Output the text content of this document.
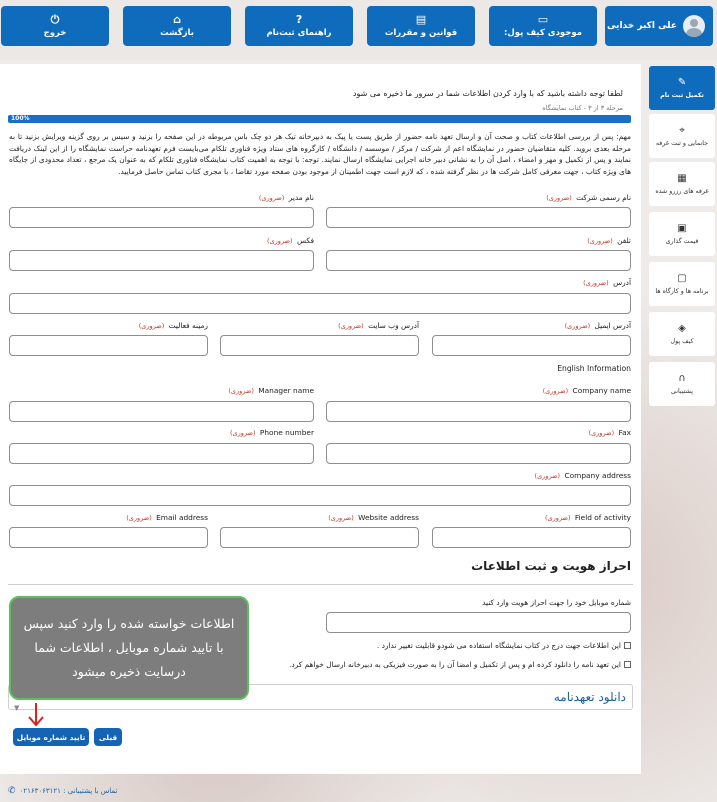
علی اکبر خدایی
▭
موجودی کیف پول:
▤
قوانین و مقررات
?
راهنمای ثبت‌نام
⌂
بازگشت
⏻
خروج
لطفا توجه داشته باشید که با وارد کردن اطلاعات شما در سرور ما ذخیره می شود
مرحله ۳ از ۳ - کتاب نمایشگاه
100%
مهم: پس از بررسی اطلاعات کتاب و صحت آن و ارسال تعهد نامه حضور از طریق پست یا پیک به دبیرخانه تیک هر دو چک باس مربوطه در این صفحه را بزنید و سیس بر روی گزینه ویرایش بزنید تا به مرحله بعدی بروید. کلیه متقاضیان حضور در نمایشگاه اعم از شرکت / مرکز / موسسه / دانشگاه / کارگروه های ستاد ویژه فناوری تلکام می‌بایست فرم تعهدنامه حراست نمایشگاه را از این لینک دریافت نمایند و پس از تکمیل و مهر و امضاء ، اصل آن را به نشانی دبیر خانه اجرایی نمایشگاه ارسال نمایند. توجه: با توجه به اهمیت کتاب نمایشگاه فناوری تلکام که به عنوان یک مرجع ، تعداد محدودی از جایگاه های ویژه کتاب ، جهت معرفی کامل شرکت ها در نظر گرفته شده ، که لازم است جهت اطمینان از موجود بودن صفحه مورد تقاضا ، با مجری کتاب تماس حاصل فرمایید.
نام رسمی شرکت (ضروری)
نام مدیر (ضروری)
تلفن (ضروری)
فکس (ضروری)
آدرس (ضروری)
آدرس ایمیل (ضروری)
آدرس وب سایت (ضروری)
زمینه فعالیت (ضروری)
English Information
Company name (ضروری)
Manager name (ضروری)
Fax (ضروری)
Phone number (ضروری)
Company address (ضروری)
Field of activity (ضروری)
Website address (ضروری)
Email address (ضروری)
احراز هویت و ثبت اطلاعات
شماره موبایل خود را جهت احراز هویت وارد کنید
این اطلاعات جهت درج در کتاب نمایشگاه استفاده می شودو قابلیت تغییر ندارد .
این تعهد نامه را دانلود کرده ام و پس از تکمیل و امضا آن را به صورت فیزیکی به دبیرخانه ارسال خواهم کرد.
دانلود تعهدنامه
تایید شماره موبایل	قبلی
▼
✎
تکمیل ثبت نام
⌖
جانمایی و ثبت غرفه
▦
غرفه های رزرو شده
▣
قیمت گذاری
▢
برنامه ها و کارگاه ها
◈
کیف پول
∩
پشتیبانی
اطلاعات خواسته شده را وارد کنید سپس با تایید شماره موبایل ، اطلاعات شما درسایت ذخیره میشود
تماس با پشتیبانی : ۰۲۱۶۳۰۶۳۱۲۱
✆
